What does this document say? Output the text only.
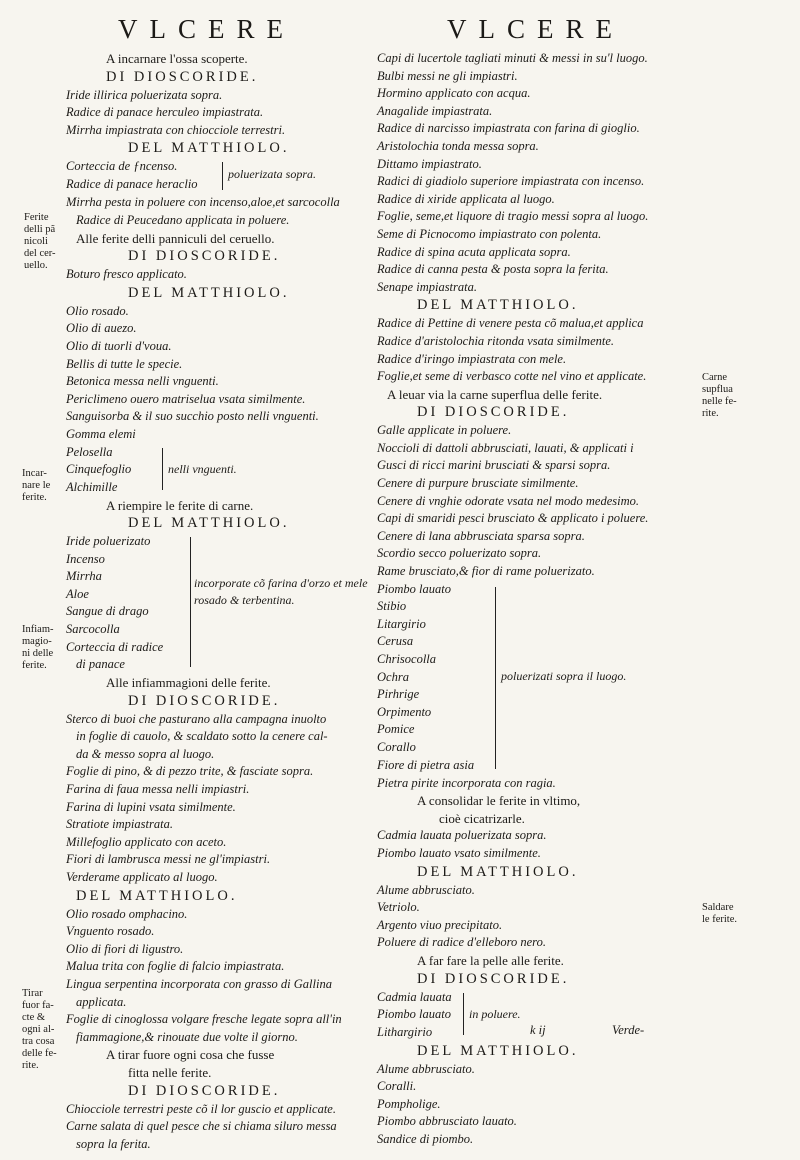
VLCERE	VLCERE
A incarnare l'ossa scoperte.
DI DIOSCORIDE.
Iride illirica poluerizata sopra.
Radice di panace herculeo impiastrata.
Mirrha impiastrata con chiocciole terrestri.
DEL MATTHIOLO.
Corteccia de ƒncenso.
Radice di panace heraclio
poluerizata sopra.
Mirrha pesta in poluere con incenso,aloe,et sarcocolla
Radice di Peucedano applicata in poluere.
Alle ferite delli panniculi del ceruello.
DI DIOSCORIDE.
Boturo fresco applicato.
DEL MATTHIOLO.
Olio rosado.
Olio di auezo.
Olio di tuorli d'voua.
Bellis di tutte le specie.
Betonica messa nelli vnguenti.
Periclimeno ouero matriselua vsata similmente.
Sanguisorba & il suo succhio posto nelli vnguenti.
Gomma elemi
Pelosella
Cinquefoglio
Alchimille
nelli vnguenti.
A riempire le ferite di carne.
DEL MATTHIOLO.
Iride poluerizato
Incenso
Mirrha
Aloe
Sangue di drago
Sarcocolla
Corteccia di radice
di panace
incorporate cõ farina d'orzo et mele rosado & terbentina.
Alle infiammagioni delle ferite.
DI DIOSCORIDE.
Sterco di buoi che pasturano alla campagna inuolto
in foglie di cauolo, & scaldato sotto la cenere cal-
da & messo sopra al luogo.
Foglie di pino, & di pezzo trite, & fasciate sopra.
Farina di faua messa nelli impiastri.
Farina di lupini vsata similmente.
Stratiote impiastrata.
Millefoglio applicato con aceto.
Fiori di lambrusca messi ne gl'impiastri.
Verderame applicato al luogo.
DEL MATTHIOLO.
Olio rosado omphacino.
Vnguento rosado.
Olio di fiori di ligustro.
Malua trita con foglie di falcio impiastrata.
Lingua serpentina incorporata con grasso di Gallina
applicata.
Foglie di cinoglossa volgare fresche legate sopra all'in
fiammagione,& rinouate due volte il giorno.
A tirar fuore ogni cosa che fusse
fitta nelle ferite.
DI DIOSCORIDE.
Chiocciole terrestri peste cõ il lor guscio et applicate.
Carne salata di quel pesce che si chiama siluro messa
sopra la ferita.
Capi di lucertole tagliati minuti & messi in su'l luogo.
Bulbi messi ne gli impiastri.
Hormino applicato con acqua.
Anagalide impiastrata.
Radice di narcisso impiastrata con farina di gioglio.
Aristolochia tonda messa sopra.
Dittamo impiastrato.
Radici di giadiolo superiore impiastrata con incenso.
Radice di xiride applicata al luogo.
Foglie, seme,et liquore di tragio messi sopra al luogo.
Seme di Picnocomo impiastrato con polenta.
Radice di spina acuta applicata sopra.
Radice di canna pesta & posta sopra la ferita.
Senape impiastrata.
DEL MATTHIOLO.
Radice di Pettine di venere pesta cõ malua,et applica
Radice d'aristolochia ritonda vsata similmente.
Radice d'iringo impiastrata con mele.
Foglie,et seme di verbasco cotte nel vino et applicate.
A leuar via la carne superflua delle ferite.
DI DIOSCORIDE.
Galle applicate in poluere.
Noccioli di dattoli abbrusciati, lauati, & applicati i
Gusci di ricci marini brusciati & sparsi sopra.
Cenere di purpure brusciate similmente.
Cenere di vnghie odorate vsata nel modo medesimo.
Capi di smaridi pesci brusciato & applicato i poluere.
Cenere di lana abbrusciata sparsa sopra.
Scordio secco poluerizato sopra.
Rame brusciato,& fior di rame poluerizato.
Piombo lauato
Stibio
Litargirio
Cerusa
Chrisocolla
Ochra
Pirhrige
Orpimento
Pomice
Corallo
Fiore di pietra asia
poluerizati sopra il luogo.
Pietra pirite incorporata con ragia.
A consolidar le ferite in vltimo,
cioè cicatrizarle.
Cadmia lauata poluerizata sopra.
Piombo lauato vsato similmente.
DEL MATTHIOLO.
Alume abbrusciato.
Vetriolo.
Argento viuo precipitato.
Poluere di radice d'elleboro nero.
A far fare la pelle alle ferite.
DI DIOSCORIDE.
Cadmia lauata
Piombo lauato
Lithargirio
in poluere.
DEL MATTHIOLO.
Alume abbrusciato.
Coralli.
Pompholige.
Piombo abbrusciato lauato.
Sandice di piombo.
Ferite
delli pã
nicoli
del cer-
uello.
Incar-
nare le
ferite.
Infiam-
magio-
ni delle
ferite.
Tirar
fuor fa-
cte &
ogni al-
tra cosa
delle fe-
rite.
Carne
supflua
nelle fe-
rite.
Saldare
le ferite.
k ij	Verde-
